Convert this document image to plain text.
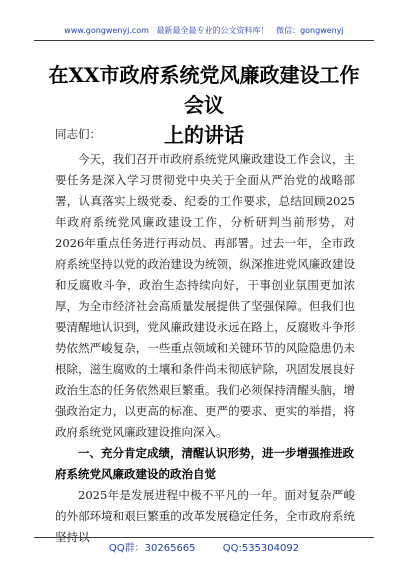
www.gongwenyj.com 最新最全最专业的公文资料库！ 微信：gongwenyj
在XX市政府系统党风廉政建设工作会议
上的讲话

同志们：

今天，我们召开市政府系统党风廉政建设工作会议，主要任务是深入学习贯彻党中央关于全面从严治党的战略部署，认真落实上级党委、纪委的工作要求，总结回顾2025年政府系统党风廉政建设工作，分析研判当前形势，对2026年重点任务进行再动员、再部署。过去一年，全市政府系统坚持以党的政治建设为统领，纵深推进党风廉政建设和反腐败斗争，政治生态持续向好，干事创业氛围更加浓厚，为全市经济社会高质量发展提供了坚强保障。但我们也要清醒地认识到，党风廉政建设永远在路上，反腐败斗争形势依然严峻复杂，一些重点领域和关键环节的风险隐患仍未根除，滋生腐败的土壤和条件尚未彻底铲除，巩固发展良好政治生态的任务依然艰巨繁重。我们必须保持清醒头脑，增强政治定力，以更高的标准、更严的要求、更实的举措，将政府系统党风廉政建设推向深入。

一、充分肯定成绩，清醒认识形势，进一步增强推进政府系统党风廉政建设的政治自觉

2025年是发展进程中极不平凡的一年。面对复杂严峻的外部环境和艰巨繁重的改革发展稳定任务，全市政府系统坚持以

QQ群：30265665	QQ:535304092
